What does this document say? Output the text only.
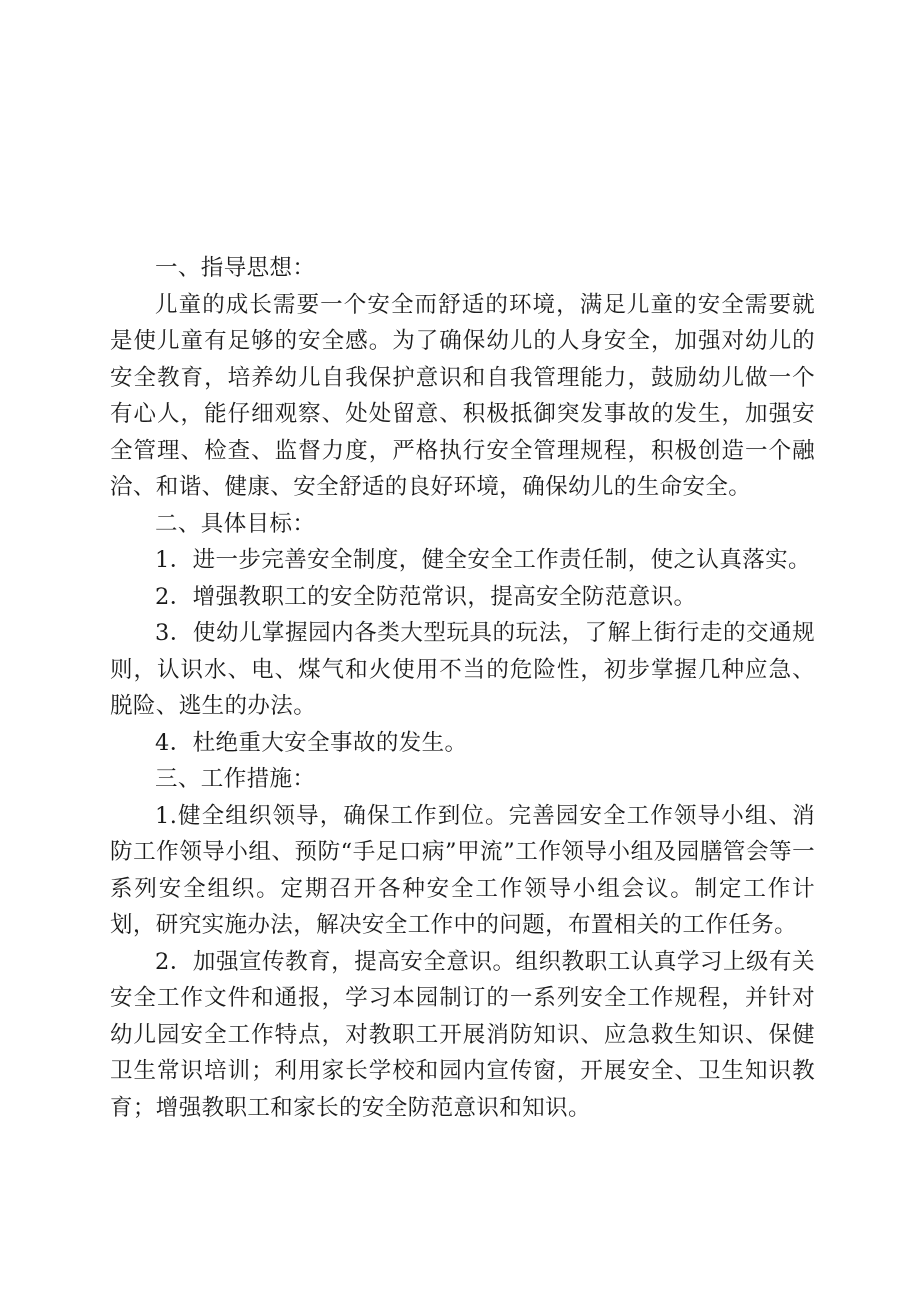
一、指导思想：

儿童的成长需要一个安全而舒适的环境，满足儿童的安全需要就是使儿童有足够的安全感。为了确保幼儿的人身安全，加强对幼儿的安全教育，培养幼儿自我保护意识和自我管理能力，鼓励幼儿做一个有心人，能仔细观察、处处留意、积极抵御突发事故的发生，加强安全管理、检查、监督力度，严格执行安全管理规程，积极创造一个融洽、和谐、健康、安全舒适的良好环境，确保幼儿的生命安全。

二、具体目标：

1．进一步完善安全制度，健全安全工作责任制，使之认真落实。

2．增强教职工的安全防范常识，提高安全防范意识。

3．使幼儿掌握园内各类大型玩具的玩法，了解上街行走的交通规则，认识水、电、煤气和火使用不当的危险性，初步掌握几种应急、脱险、逃生的办法。

4．杜绝重大安全事故的发生。

三、工作措施：

1.健全组织领导，确保工作到位。完善园安全工作领导小组、消防工作领导小组、预防“手足口病”甲流”工作领导小组及园膳管会等一系列安全组织。定期召开各种安全工作领导小组会议。制定工作计划，研究实施办法，解决安全工作中的问题，布置相关的工作任务。

2．加强宣传教育，提高安全意识。组织教职工认真学习上级有关安全工作文件和通报，学习本园制订的一系列安全工作规程，并针对幼儿园安全工作特点，对教职工开展消防知识、应急救生知识、保健卫生常识培训；利用家长学校和园内宣传窗，开展安全、卫生知识教育；增强教职工和家长的安全防范意识和知识。
